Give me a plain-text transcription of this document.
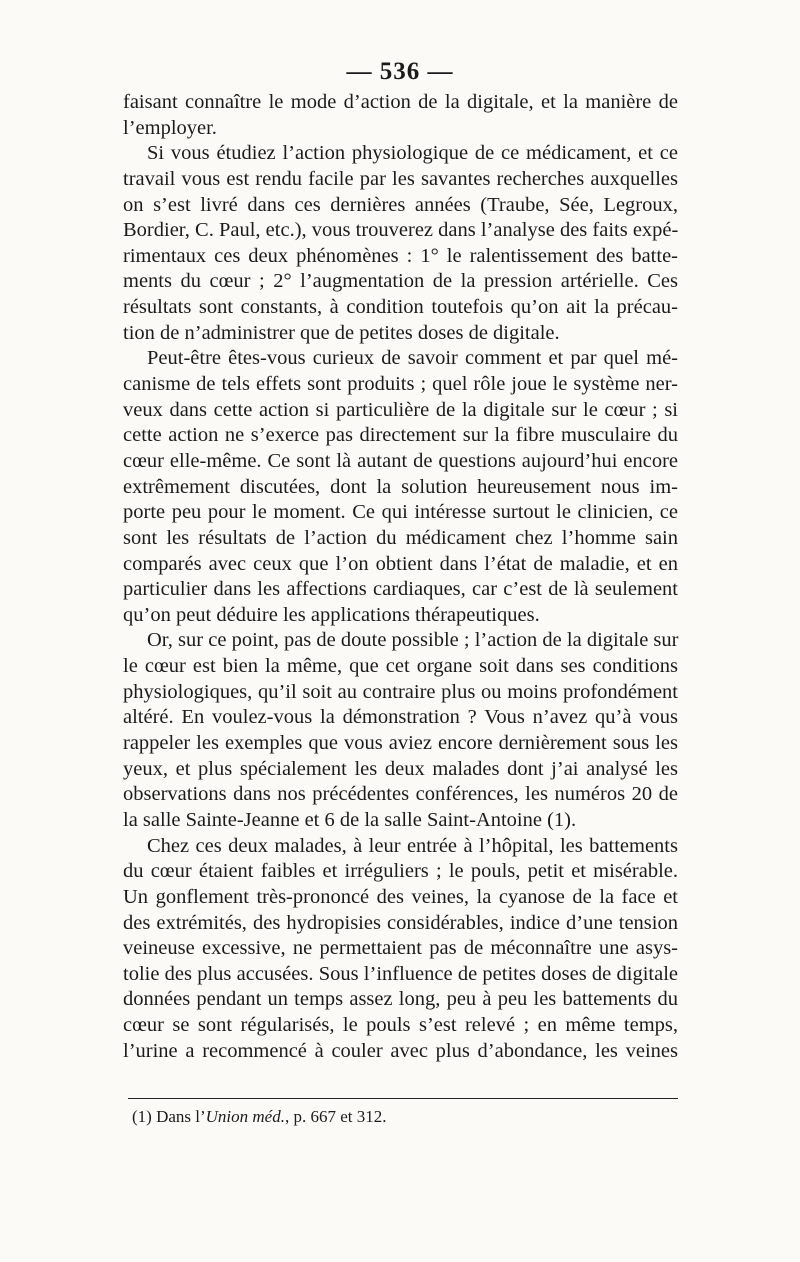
— 536 —
faisant connaître le mode d’action de la digitale, et la manière de
l’employer.
Si vous étudiez l’action physiologique de ce médicament, et ce
travail vous est rendu facile par les savantes recherches auxquelles
on s’est livré dans ces dernières années (Traube, Sée, Legroux,
Bordier, C. Paul, etc.), vous trouverez dans l’analyse des faits expé-
rimentaux ces deux phénomènes : 1° le ralentissement des batte-
ments du cœur ; 2° l’augmentation de la pression artérielle. Ces
résultats sont constants, à condition toutefois qu’on ait la précau-
tion de n’administrer que de petites doses de digitale.
Peut-être êtes-vous curieux de savoir comment et par quel mé-
canisme de tels effets sont produits ; quel rôle joue le système ner-
veux dans cette action si particulière de la digitale sur le cœur ; si
cette action ne s’exerce pas directement sur la fibre musculaire du
cœur elle-même. Ce sont là autant de questions aujourd’hui encore
extrêmement discutées, dont la solution heureusement nous im-
porte peu pour le moment. Ce qui intéresse surtout le clinicien, ce
sont les résultats de l’action du médicament chez l’homme sain
comparés avec ceux que l’on obtient dans l’état de maladie, et en
particulier dans les affections cardiaques, car c’est de là seulement
qu’on peut déduire les applications thérapeutiques.
Or, sur ce point, pas de doute possible ; l’action de la digitale sur
le cœur est bien la même, que cet organe soit dans ses conditions
physiologiques, qu’il soit au contraire plus ou moins profondément
altéré. En voulez-vous la démonstration ? Vous n’avez qu’à vous
rappeler les exemples que vous aviez encore dernièrement sous les
yeux, et plus spécialement les deux malades dont j’ai analysé les
observations dans nos précédentes conférences, les numéros 20 de
la salle Sainte-Jeanne et 6 de la salle Saint-Antoine (1).
Chez ces deux malades, à leur entrée à l’hôpital, les battements
du cœur étaient faibles et irréguliers ; le pouls, petit et misérable.
Un gonflement très-prononcé des veines, la cyanose de la face et
des extrémités, des hydropisies considérables, indice d’une tension
veineuse excessive, ne permettaient pas de méconnaître une asys-
tolie des plus accusées. Sous l’influence de petites doses de digitale
données pendant un temps assez long, peu à peu les battements du
cœur se sont régularisés, le pouls s’est relevé ; en même temps,
l’urine a recommencé à couler avec plus d’abondance, les veines
(1) Dans l’Union méd., p. 667 et 312.
